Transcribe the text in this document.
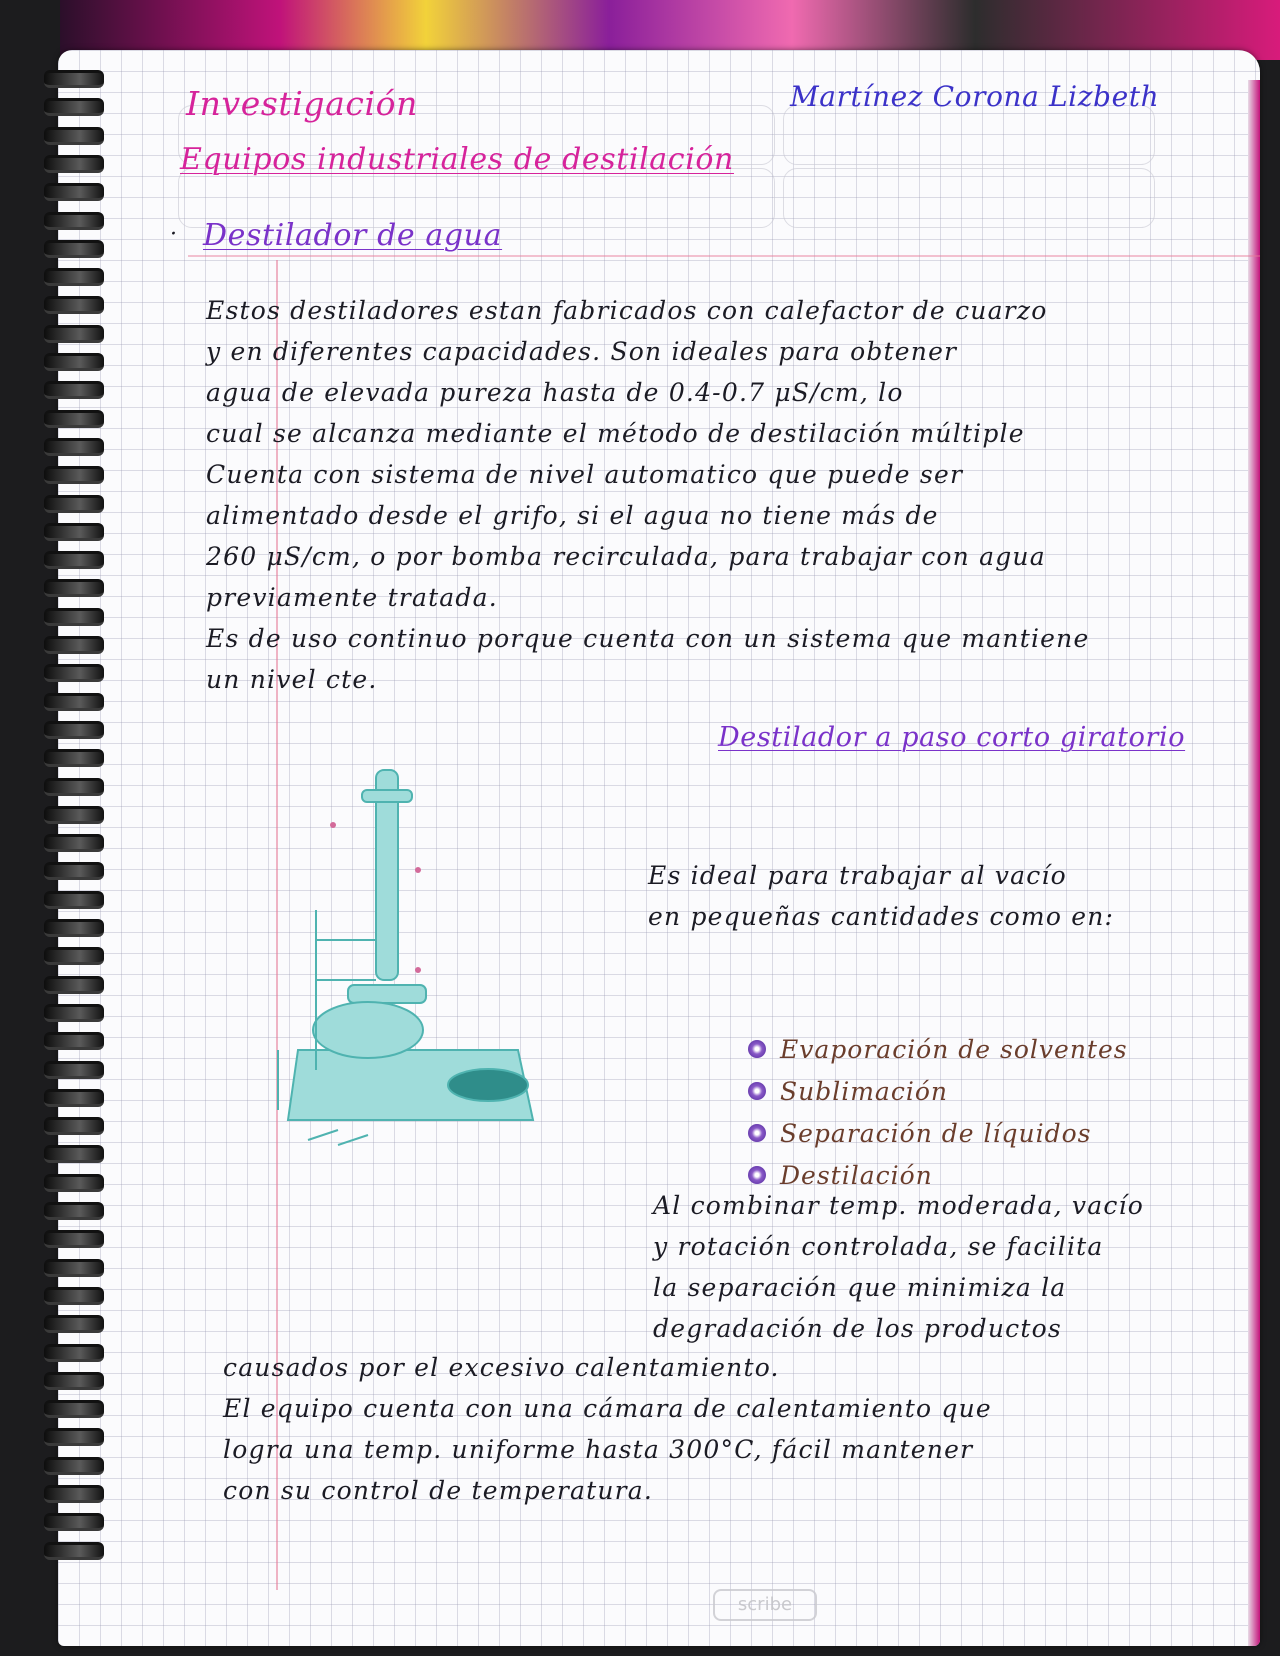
Investigación

Equipos industriales de destilación

Martínez Corona Lizbeth

· Destilador de agua

Estos destiladores estan fabricados con calefactor de cuarzo
y en diferentes capacidades. Son ideales para obtener
agua de elevada pureza hasta de 0.4-0.7 μS/cm, lo
cual se alcanza mediante el método de destilación múltiple
Cuenta con sistema de nivel automatico que puede ser
alimentado desde el grifo, si el agua no tiene más de
260 μS/cm, o por bomba recirculada, para trabajar con agua
previamente tratada.
Es de uso continuo porque cuenta con un sistema que mantiene
un nivel cte.

Destilador a paso corto giratorio

Es ideal para trabajar al vacío
en pequeñas cantidades como en:

Evaporación de solventes
Sublimación
Separación de líquidos
Destilación

Al combinar temp. moderada, vacío
y rotación controlada, se facilita
la separación que minimiza la
degradación de los productos

causados por el excesivo calentamiento.
El equipo cuenta con una cámara de calentamiento que
logra una temp. uniforme hasta 300°C, fácil mantener
con su control de temperatura.

scribe
